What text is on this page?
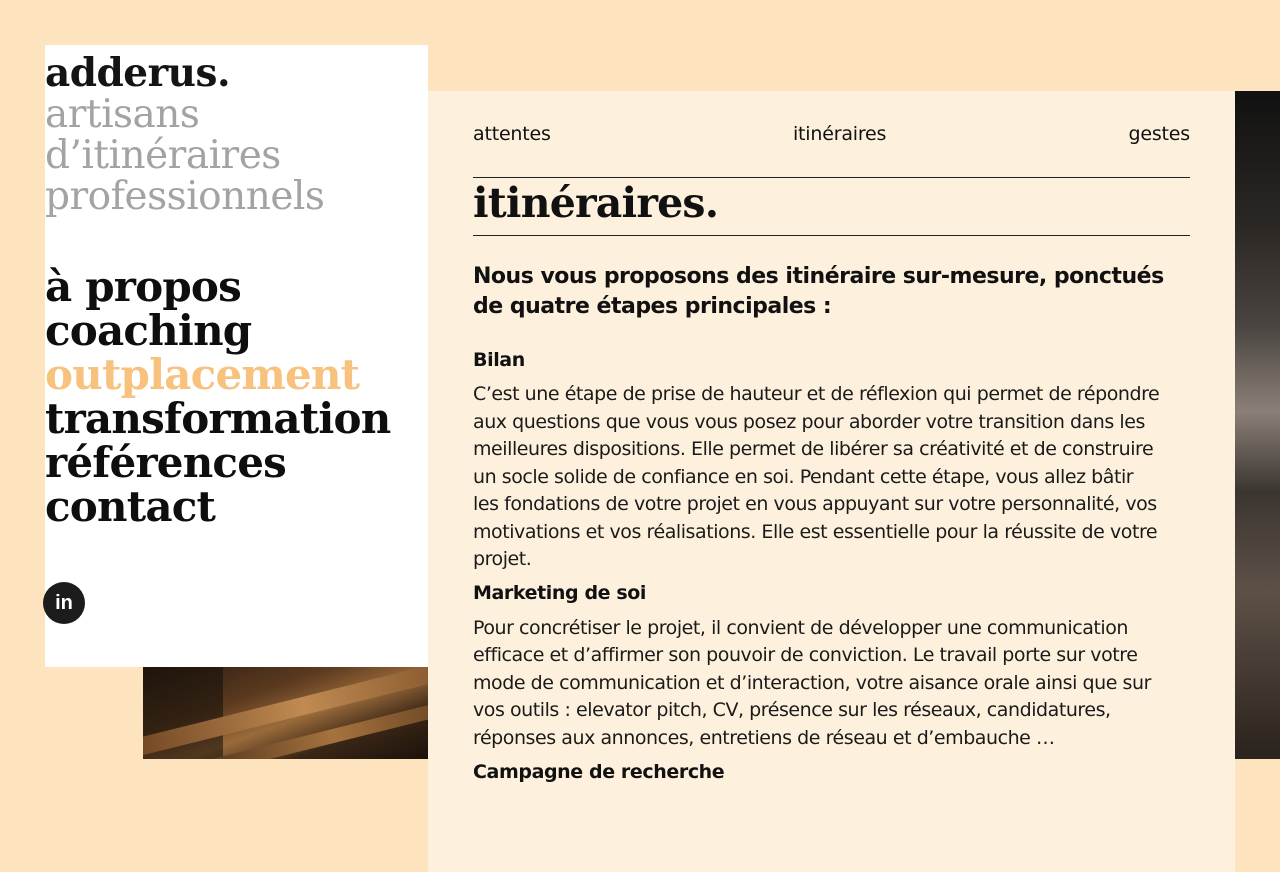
adderus.
artisans
d’itinéraires
professionnels
à propos
coaching
outplacement
transformation
références
contact
in
attentes	itinéraires	gestes
itinéraires.

Nous vous proposons des itinéraire sur-mesure, ponctués de quatre étapes principales :

Bilan

C’est une étape de prise de hauteur et de réflexion qui permet de répondre aux questions que vous vous posez pour aborder votre transition dans les meilleures dispositions. Elle permet de libérer sa créativité et de construire un socle solide de confiance en soi. Pendant cette étape, vous allez bâtir les fondations de votre projet en vous appuyant sur votre personnalité, vos motivations et vos réalisations. Elle est essentielle pour la réussite de votre projet.

Marketing de soi

Pour concrétiser le projet, il convient de développer une communication efficace et d’affirmer son pouvoir de conviction. Le travail porte sur votre mode de communication et d’interaction, votre aisance orale ainsi que sur vos outils : elevator pitch, CV, présence sur les réseaux, candidatures, réponses aux annonces, entretiens de réseau et d’embauche …

Campagne de recherche
